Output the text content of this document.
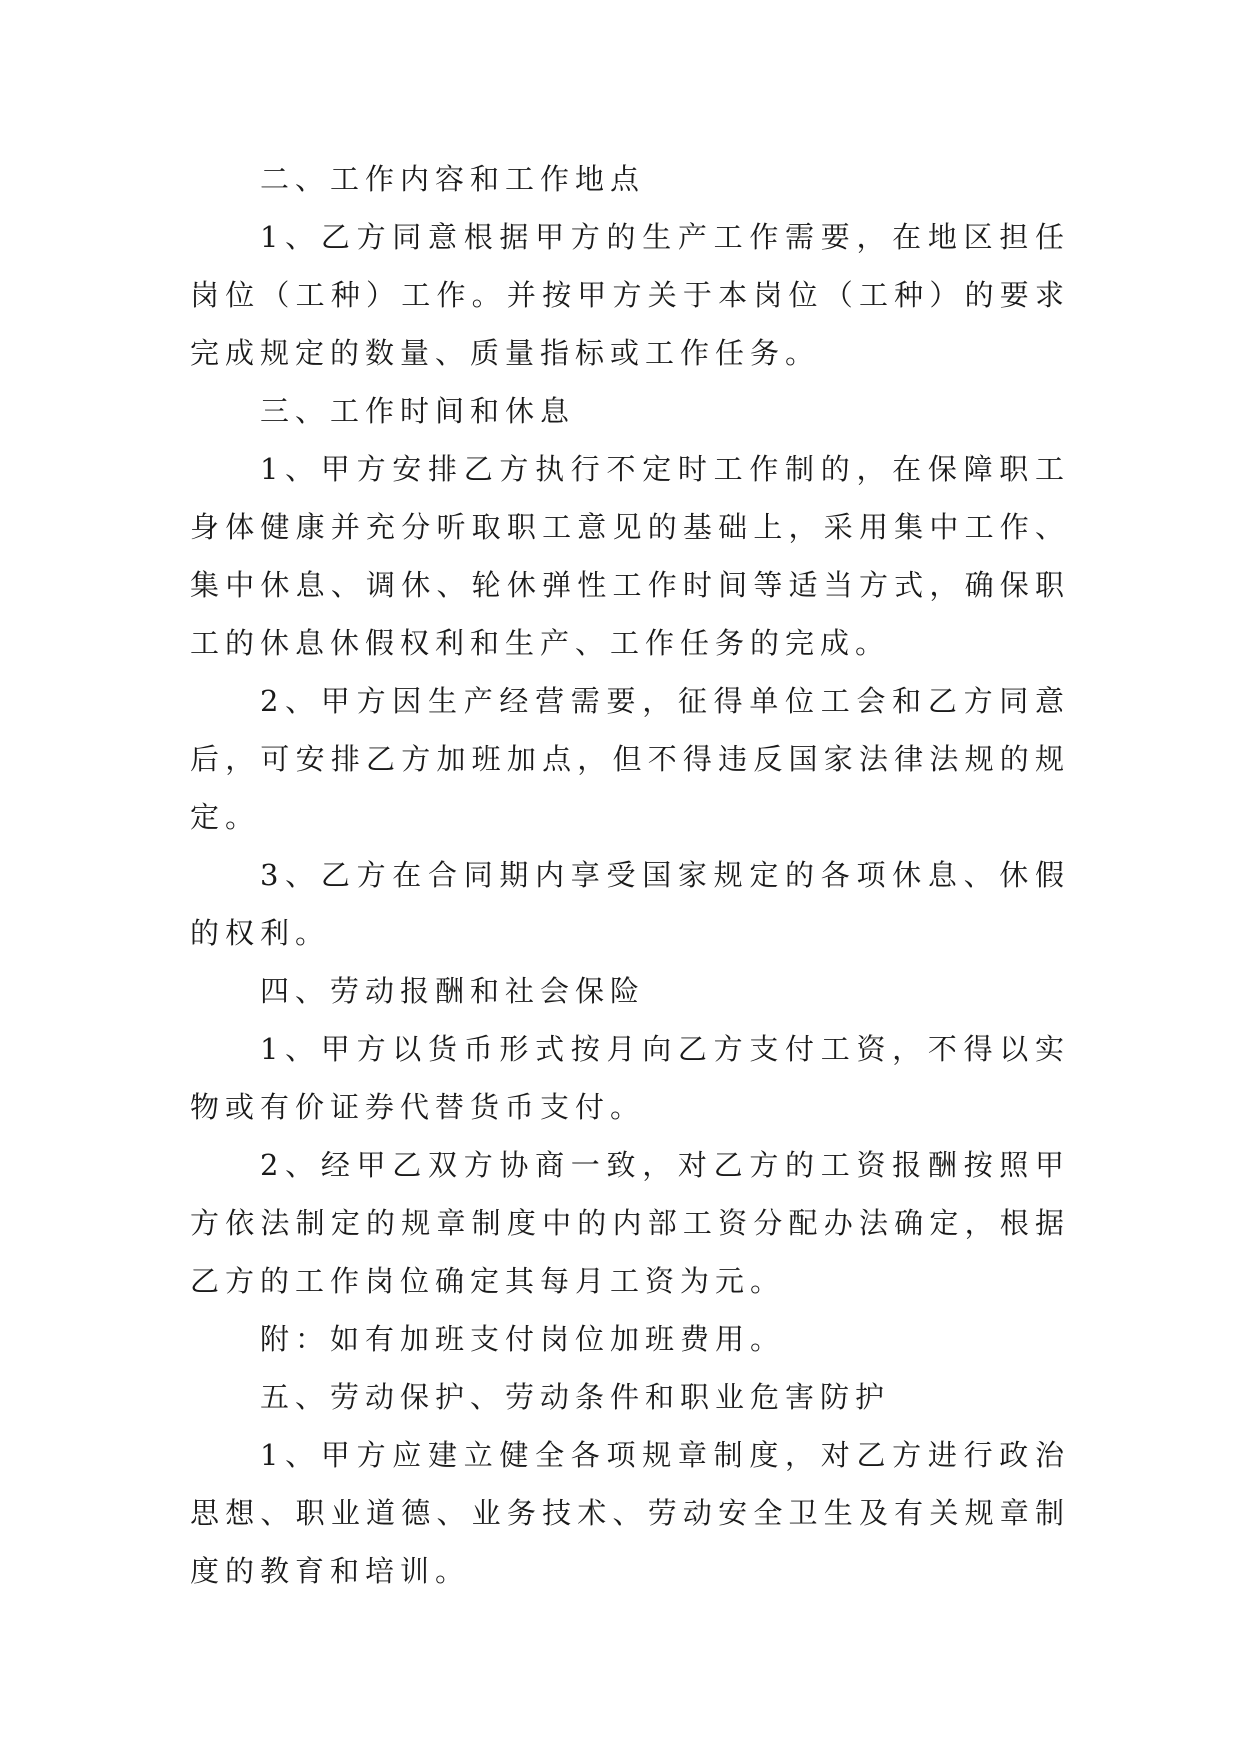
二、工作内容和工作地点

1、乙方同意根据甲方的生产工作需要，在地区担任岗位（工种）工作。并按甲方关于本岗位（工种）的要求完成规定的数量、质量指标或工作任务。

三、工作时间和休息

1、甲方安排乙方执行不定时工作制的，在保障职工身体健康并充分听取职工意见的基础上，采用集中工作、集中休息、调休、轮休弹性工作时间等适当方式，确保职工的休息休假权利和生产、工作任务的完成。

2、甲方因生产经营需要，征得单位工会和乙方同意后，可安排乙方加班加点，但不得违反国家法律法规的规定。

3、乙方在合同期内享受国家规定的各项休息、休假的权利。

四、劳动报酬和社会保险

1、甲方以货币形式按月向乙方支付工资，不得以实物或有价证券代替货币支付。

2、经甲乙双方协商一致，对乙方的工资报酬按照甲方依法制定的规章制度中的内部工资分配办法确定，根据乙方的工作岗位确定其每月工资为元。

附：如有加班支付岗位加班费用。

五、劳动保护、劳动条件和职业危害防护

1、甲方应建立健全各项规章制度，对乙方进行政治思想、职业道德、业务技术、劳动安全卫生及有关规章制度的教育和培训。
